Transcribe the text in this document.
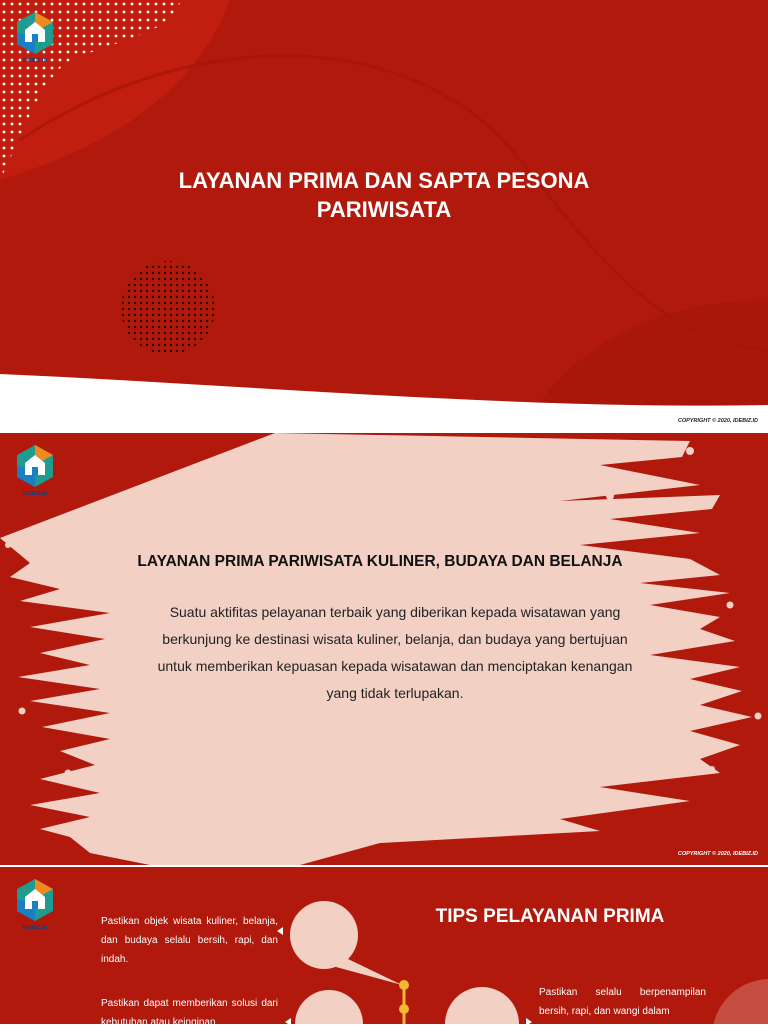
IDEBIZ.ID
LAYANAN PRIMA DAN SAPTA PESONA PARIWISATA
COPYRIGHT © 2020, IDEBIZ.ID
IDEBIZ.ID
COPYRIGHT © 2020, IDEBIZ.ID
LAYANAN PRIMA PARIWISATA KULINER, BUDAYA DAN BELANJA
Suatu aktifitas pelayanan terbaik yang diberikan kepada wisatawan yang berkunjung ke destinasi wisata kuliner, belanja, dan budaya yang bertujuan untuk memberikan kepuasan kepada wisatawan dan menciptakan kenangan yang tidak terlupakan.
IDEBIZ.ID
TIPS PELAYANAN PRIMA
Pastikan objek wisata kuliner, belanja, dan budaya selalu bersih, rapi, dan indah.
Pastikan dapat memberikan solusi dari kebutuhan atau keinginan
Pastikan selalu berpenampilan bersih, rapi, dan wangi dalam
